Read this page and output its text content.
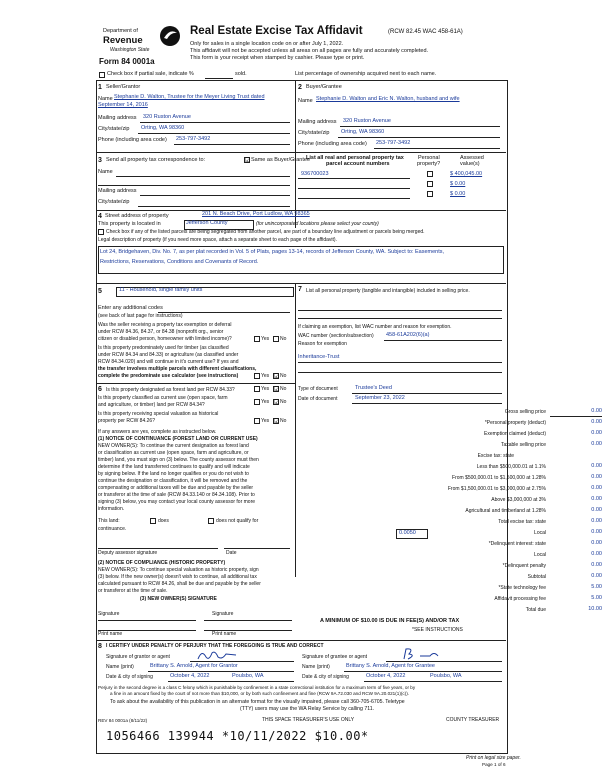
Department of
Revenue
Washington State
Form 84 0001a
Real Estate Excise Tax Affidavit	(RCW 82.45 WAC 458-61A)
Only for sales in a single location code on or after July 1, 2022.
This affidavit will not be accepted unless all areas on all pages are fully and accurately completed.
This form is your receipt when stamped by cashier. Please type or print.
Check box if partial sale, indicate %	sold.	List percentage of ownership acquired next to each name.
1 Seller/Grantor
Name Stephanie D. Walton, Trustee for the Meyer Living Trust dated
September 14, 2016
Mailing address 320 Ruston Avenue
City/state/zip Orting, WA 98360
Phone (including area code) 253-797-3492
2 Buyer/Grantee
Name Stephanie D. Walton and Eric N. Walton, husband and wife
Mailing address 320 Ruston Avenue
City/state/zip Orting, WA 98360
Phone (including area code) 253-797-3492
3 Send all property tax correspondence to:	☑ Same as Buyer/Grantee
Name
Mailing address
City/state/zip
List all real and personal property tax
parcel account numbers
Personal
property?
Assessed
value(s)
936700023	$ 400,045.00
$ 0.00
$ 0.00
4 Street address of property	201 N. Beach Drive, Port Ludlow, WA 98365
This property is located in	Jefferson County	(for unincorporated locations please select your county)
Check box if any of the listed parcels are being segregated from another parcel, are part of a boundary line adjustment or parcels being merged.
Legal description of property (if you need more space, attach a separate sheet to each page of the affidavit).
Lot 24, Bridgehaven, Div. No. 7, as per plat recorded in Vol. 5 of Plats, pages 13-14, records of Jefferson County, WA. Subject to: Easements,
Restrictions, Reservations, Conditions and Covenants of Record.
5	11 - Household, single family units
Enter any additional codes
(see back of last page for instructions)
Was the seller receiving a property tax exemption or deferral
under RCW 84.36, 84.37, or 84.38 (nonprofit org., senior
citizen or disabled person, homeowner with limited income)?	Yes No
Is this property predominately used for timber (as classified
under RCW 84.34 and 84.33) or agriculture (as classified under
RCW 84.34.020) and will continue in it's current use? If yes and
the transfer involves multiple parcels with different classifications,
complete the predominate use calculator (see instructions)	Yes ☑ No
6 Is this property designated as forest land per RCW 84.33?	Yes ☑ No
Is this property classified as current use (open space, farm
and agriculture, or timber) land per RCW 84.34?	Yes ☑ No
Is this property receiving special valuation as historical
property per RCW 84.26?	Yes ☑ No
If any answers are yes, complete as instructed below.
(1) NOTICE OF CONTINUANCE (FOREST LAND OR CURRENT USE)
NEW OWNER(S): To continue the current designation as forest land
or classification as current use (open space, farm and agriculture, or
timber) land, you must sign on (3) below. The county assessor must then
determine if the land transferred continues to qualify and will indicate
by signing below. If the land no longer qualifies or you do not wish to
continue the designation or classification, it will be removed and the
compensating or additional taxes will be due and payable by the seller
or transferor at the time of sale (RCW 84.33.140 or 84.34.108). Prior to
signing (3) below, you may contact your local county assessor for more
information.
This land:	does	does not qualify for
continuance.
Deputy assessor signature	Date
(2) NOTICE OF COMPLIANCE (HISTORIC PROPERTY)
NEW OWNER(S): To continue special valuation as historic property, sign
(3) below. If the new owner(s) doesn't wish to continue, all additional tax
calculated pursuant to RCW 84.26, shall be due and payable by the seller
or transferor at the time of sale.
(3) NEW OWNER(S) SIGNATURE
Signature	Signature
Print name	Print name
7 List all personal property (tangible and intangible) included in selling price.
If claiming an exemption, list WAC number and reason for exemption.
WAC number (section/subsection) 458-61A202(6)(a)
Reason for exemption
Inheritance-Trust
Type of document	Trustee's Deed
Date of document	September 23, 2022
Gross selling price	0.00
*Personal property (deduct)	0.00
Exemption claimed (deduct)	0.00
Taxable selling price	0.00
Excise tax: state
Less than $500,000.01 at 1.1%	0.00
From $500,000.01 to $1,500,000 at 1.28%	0.00
From $1,500,000.01 to $3,000,000 at 2.75%	0.00
Above $3,000,000 at 3%	0.00
Agricultural and timberland at 1.28%	0.00
Total excise tax: state	0.00
0.0050	Local	0.00
*Delinquent interest: state	0.00
Local	0.00
*Delinquent penalty	0.00
Subtotal	0.00
*State technology fee	5.00
Affidavit processing fee	5.00
Total due	10.00
A MINIMUM OF $10.00 IS DUE IN FEE(S) AND/OR TAX
*SEE INSTRUCTIONS
8 I CERTIFY UNDER PENALTY OF PERJURY THAT THE FOREGOING IS TRUE AND CORRECT
Signature of grantor or agent
Name (print)	Brittany S. Arnold, Agent for Grantor
Date & city of signing	October 4, 2022	Poulsbo, WA
Signature of grantee or agent
Name (print)	Brittany S. Arnold, Agent for Grantee
Date & city of signing	October 4, 2022	Poulsbo, WA
Perjury in the second degree is a class C felony which is punishable by confinement in a state correctional institution for a maximum term of five years, or by
a fine in an amount fixed by the court of not more than $10,000, or by both such confinement and fine (RCW 9A.72.030 and RCW 9A.20.021(1)(c)).
To ask about the availability of this publication in an alternate format for the visually impaired, please call 360-705-6705. Teletype
(TTY) users may use the WA Relay Service by calling 711.
REV 84 0001a (8/11/22)	THIS SPACE TREASURER'S USE ONLY	COUNTY TREASURER
1056466 139944 *10/11/2022 $10.00*
Print on legal size paper.
Page 1 of 6
